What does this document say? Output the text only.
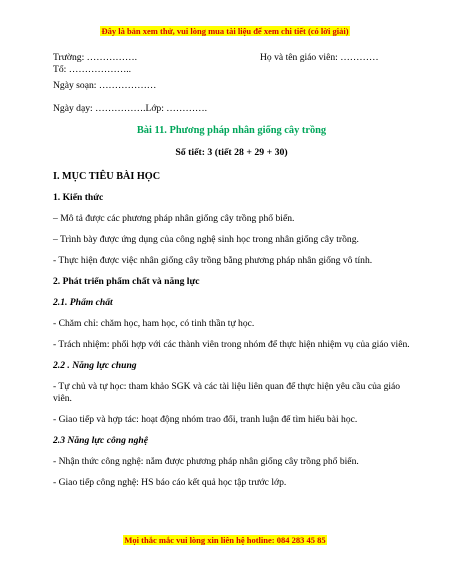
Đây là bản xem thử, vui lòng mua tài liệu để xem chi tiết (có lời giải)

Trường: …………….	Họ và tên giáo viên: …………

Tổ: ………………..

Ngày soạn: ………………

Ngày dạy: …………….Lớp: ………….

Bài 11. Phương pháp nhân giống cây trồng

Số tiết: 3 (tiết 28 + 29 + 30)

I. MỤC TIÊU BÀI HỌC

1. Kiến thức

– Mô tả được các phương pháp nhân giống cây trồng phổ biến.

– Trình bày được ứng dụng của công nghệ sinh học trong nhân giống cây trồng.

- Thực hiện được việc nhân giống cây trồng bằng phương pháp nhân giống vô tính.

2. Phát triển phẩm chất và năng lực

2.1. Phẩm chất

- Chăm chỉ: chăm học, ham học, có tinh thần tự học.

- Trách nhiệm: phối hợp với các thành viên trong nhóm để thực hiện nhiệm vụ của giáo viên.

2.2 . Năng lực chung

- Tự chủ và tự học: tham khảo SGK và các tài liệu liên quan để thực hiện yêu cầu của giáo viên.

- Giao tiếp và hợp tác: hoạt động nhóm trao đổi, tranh luận để tìm hiểu bài học.

2.3 Năng lực công nghệ

- Nhận thức công nghệ: nắm được phương pháp nhân giống cây trồng phổ biến.

- Giao tiếp công nghệ: HS báo cáo kết quả học tập trước lớp.

Mọi thắc mắc vui lòng xin liên hệ hotline: 084 283 45 85
